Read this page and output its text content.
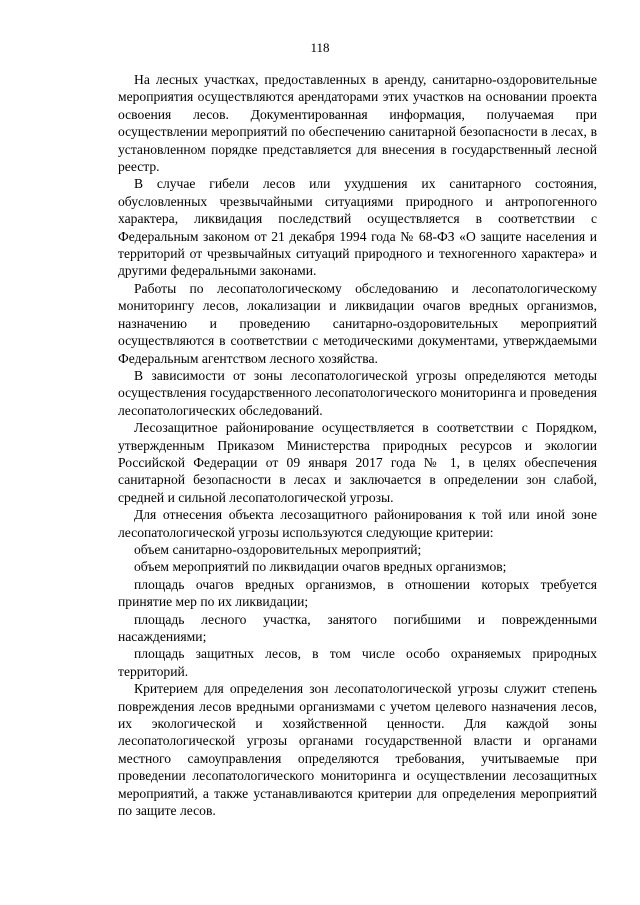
118

На лесных участках, предоставленных в аренду, санитарно-оздоровительные мероприятия осуществляются арендаторами этих участков на основании проекта освоения лесов. Документированная информация, получаемая при осуществлении мероприятий по обеспечению санитарной безопасности в лесах, в установленном порядке представляется для внесения в государственный лесной реестр.

В случае гибели лесов или ухудшения их санитарного состояния, обусловленных чрезвычайными ситуациями природного и антропогенного характера, ликвидация последствий осуществляется в соответствии с Федеральным законом от 21 декабря 1994 года № 68-ФЗ «О защите населения и территорий от чрезвычайных ситуаций природного и техногенного характера» и другими федеральными законами.

Работы по лесопатологическому обследованию и лесопатологическому мониторингу лесов, локализации и ликвидации очагов вредных организмов, назначению и проведению санитарно-оздоровительных мероприятий осуществляются в соответствии с методическими документами, утверждаемыми Федеральным агентством лесного хозяйства.

В зависимости от зоны лесопатологической угрозы определяются методы осуществления государственного лесопатологического мониторинга и проведения лесопатологических обследований.

Лесозащитное районирование осуществляется в соответствии с Порядком, утвержденным Приказом Министерства природных ресурсов и экологии Российской Федерации от 09 января 2017 года № 1, в целях обеспечения санитарной безопасности в лесах и заключается в определении зон слабой, средней и сильной лесопатологической угрозы.

Для отнесения объекта лесозащитного районирования к той или иной зоне лесопатологической угрозы используются следующие критерии:

объем санитарно-оздоровительных мероприятий;

объем мероприятий по ликвидации очагов вредных организмов;

площадь очагов вредных организмов, в отношении которых требуется принятие мер по их ликвидации;

площадь лесного участка, занятого погибшими и поврежденными насаждениями;

площадь защитных лесов, в том числе особо охраняемых природных территорий.

Критерием для определения зон лесопатологической угрозы служит степень повреждения лесов вредными организмами с учетом целевого назначения лесов, их экологической и хозяйственной ценности. Для каждой зоны лесопатологической угрозы органами государственной власти и органами местного самоуправления определяются требования, учитываемые при проведении лесопатологического мониторинга и осуществлении лесозащитных мероприятий, а также устанавливаются критерии для определения мероприятий по защите лесов.
